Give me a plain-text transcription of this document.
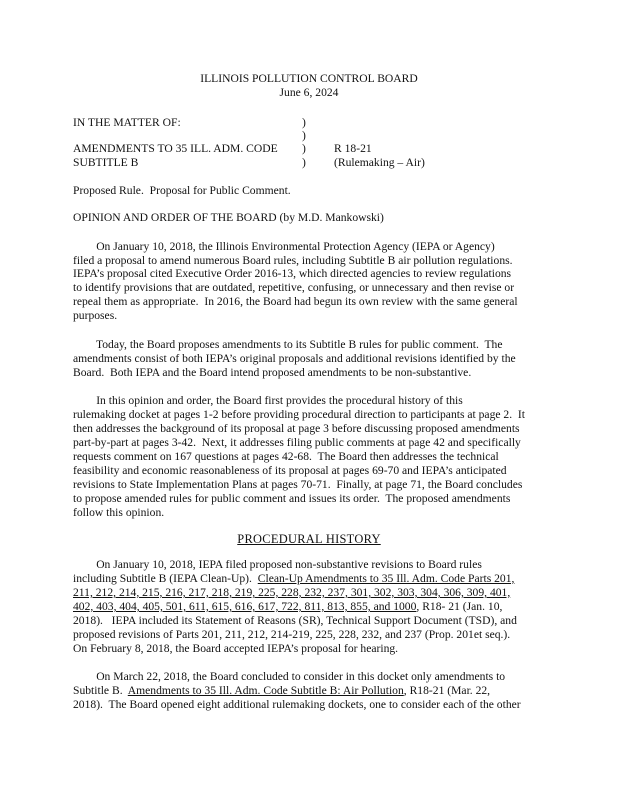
ILLINOIS POLLUTION CONTROL BOARD
June 6, 2024
IN THE MATTER OF:	)
)
AMENDMENTS TO 35 ILL. ADM. CODE ) R 18-21
SUBTITLE B	) (Rulemaking – Air)
Proposed Rule.  Proposal for Public Comment.
OPINION AND ORDER OF THE BOARD (by M.D. Mankowski)
On January 10, 2018, the Illinois Environmental Protection Agency (IEPA or Agency)
filed a proposal to amend numerous Board rules, including Subtitle B air pollution regulations.
IEPA’s proposal cited Executive Order 2016-13, which directed agencies to review regulations
to identify provisions that are outdated, repetitive, confusing, or unnecessary and then revise or
repeal them as appropriate.  In 2016, the Board had begun its own review with the same general
purposes.
Today, the Board proposes amendments to its Subtitle B rules for public comment.  The
amendments consist of both IEPA’s original proposals and additional revisions identified by the
Board.  Both IEPA and the Board intend proposed amendments to be non-substantive.
In this opinion and order, the Board first provides the procedural history of this
rulemaking docket at pages 1-2 before providing procedural direction to participants at page 2.  It
then addresses the background of its proposal at page 3 before discussing proposed amendments
part-by-part at pages 3-42.  Next, it addresses filing public comments at page 42 and specifically
requests comment on 167 questions at pages 42-68.  The Board then addresses the technical
feasibility and economic reasonableness of its proposal at pages 69-70 and IEPA’s anticipated
revisions to State Implementation Plans at pages 70-71.  Finally, at page 71, the Board concludes
to propose amended rules for public comment and issues its order.  The proposed amendments
follow this opinion.
PROCEDURAL HISTORY
On January 10, 2018, IEPA filed proposed non-substantive revisions to Board rules
including Subtitle B (IEPA Clean-Up).  Clean-Up Amendments to 35 Ill. Adm. Code Parts 201,
211, 212, 214, 215, 216, 217, 218, 219, 225, 228, 232, 237, 301, 302, 303, 304, 306, 309, 401,
402, 403, 404, 405, 501, 611, 615, 616, 617, 722, 811, 813, 855, and 1000, R18- 21 (Jan. 10,
2018).   IEPA included its Statement of Reasons (SR), Technical Support Document (TSD), and
proposed revisions of Parts 201, 211, 212, 214-219, 225, 228, 232, and 237 (Prop. 201et seq.).
On February 8, 2018, the Board accepted IEPA’s proposal for hearing.
On March 22, 2018, the Board concluded to consider in this docket only amendments to
Subtitle B.  Amendments to 35 Ill. Adm. Code Subtitle B: Air Pollution, R18-21 (Mar. 22,
2018).  The Board opened eight additional rulemaking dockets, one to consider each of the other
